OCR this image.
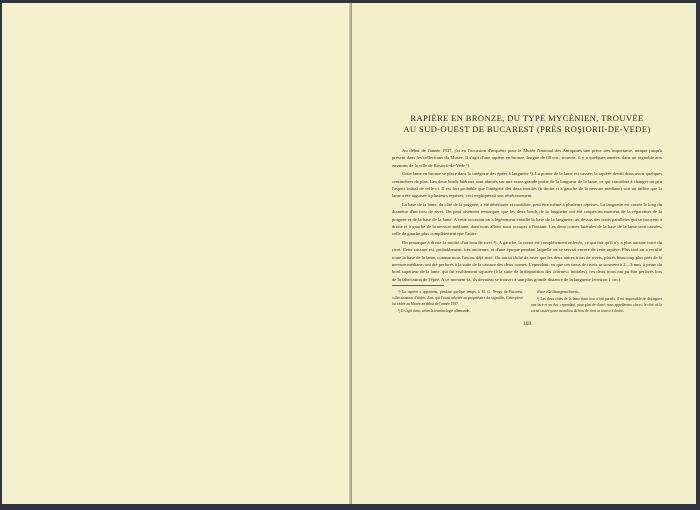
RAPIÈRE EN BRONZE, DU TYPE MYCÉNIEN, TROUVÉE
AU SUD-OUEST DE BUCAREST (PRÈS ROȘIORII-DE-VEDE)

Au début de l'année 1937, j'ai eu l'occasion d'acquérir pour le Musée National des Antiquités une pièce très importante, unique jusqu'à présent dans les collections du Musée. Il s'agit d'une rapière en bronze, longue de 68 cm., trouvée, il y a quelques années, dans un vignoble aux environs de la ville de Roșiorii-de-Vede ¹).

Cette lame en bronze se place dans la catégorie des épées à languette ²). La pointe de la lame est cassée; la rapière devait donc avoir quelques centimètres de plus. Les deux bords latéraux sont abimés sur une assez grande partie de la longueur de la lame, ce qui contribue à changer un peu l'aspect initial de celle-ci. Il est fort probable que l'intégrité des deux moitiés (à droite et à gauche de la nervure médiane) soit un indice que la lame a été aiguisée à plusieurs reprises; ceci expliquerait son rétrécissement.

La base de la lame, du côté de la poignée, a été détériorée et modifiée, peut être même à plusieurs reprises. La languette est cassée le long du diamètre d'un trou de rivet. On peut aisément remarquer que les deux bords de la languette ont été coupés au moment de la réparation de la poignée et de la base de la lame. A cette occasion on a légèrement entaillé la base de la languette, au dessus des traits parallèles qui se trouvent à droite et à gauche de la nervure médiane, dont nous allons nous occuper à l'instant. Les deux cornes latérales de la base de la lame sont cassées, celle de gauche plus complètement que l'autre.

On remarque à droite la moitié d'un trou de rivet ³). A gauche, la corne est complètement enlevée, ce qui fait qu'il n'y a plus aucune trace du rivet. Cette cassure est, probablement, très ancienne, et d'une époque pendant laquelle on se servait encore de cette rapière. Plus tard on a rectifié toute la base de la lame, comme nous l'avons déjà noté. On aurait tâché de raser que les deux autres trous de rivets, placés beaucoup plus près de la nervure médiane, ont été perforés à la suite de la cassure des deux cornes. Cependant, vu que ces trous de rivets se trouvent à 2—3 mm. à peine du bord supérieur de la lame, qui fut visiblement rajustée (à la suite de la disparition des «cornes» initiales), ces deux trous ont pu être perforés lors de la fabrication de l'épée. A ce moment-là, ils devaient se trouver à une plus grande distance de la languette (environ 1 cm.).

¹) La rapière a appartenu, pendant quelque temps, à M. G. Neagu de Bucarest, collectionneur d'objets d'art, qui l'avait achetée au propriétaire du vignoble. Cette pièce fut cédée au Musée au début de l'année 1937.

²) Il s'agit donc, selon la terminologie allemande,

d'une «Griffzungenschwert».

³) Les deux côtés de la lame étant tout à fait pareils, il est impossible de distinguer une face et un dos; cependant, pour plus de clarté, nous appellerons «face» le côté où la corne cassée porte au milieu du trou de rivet se trouve à droite.

169
